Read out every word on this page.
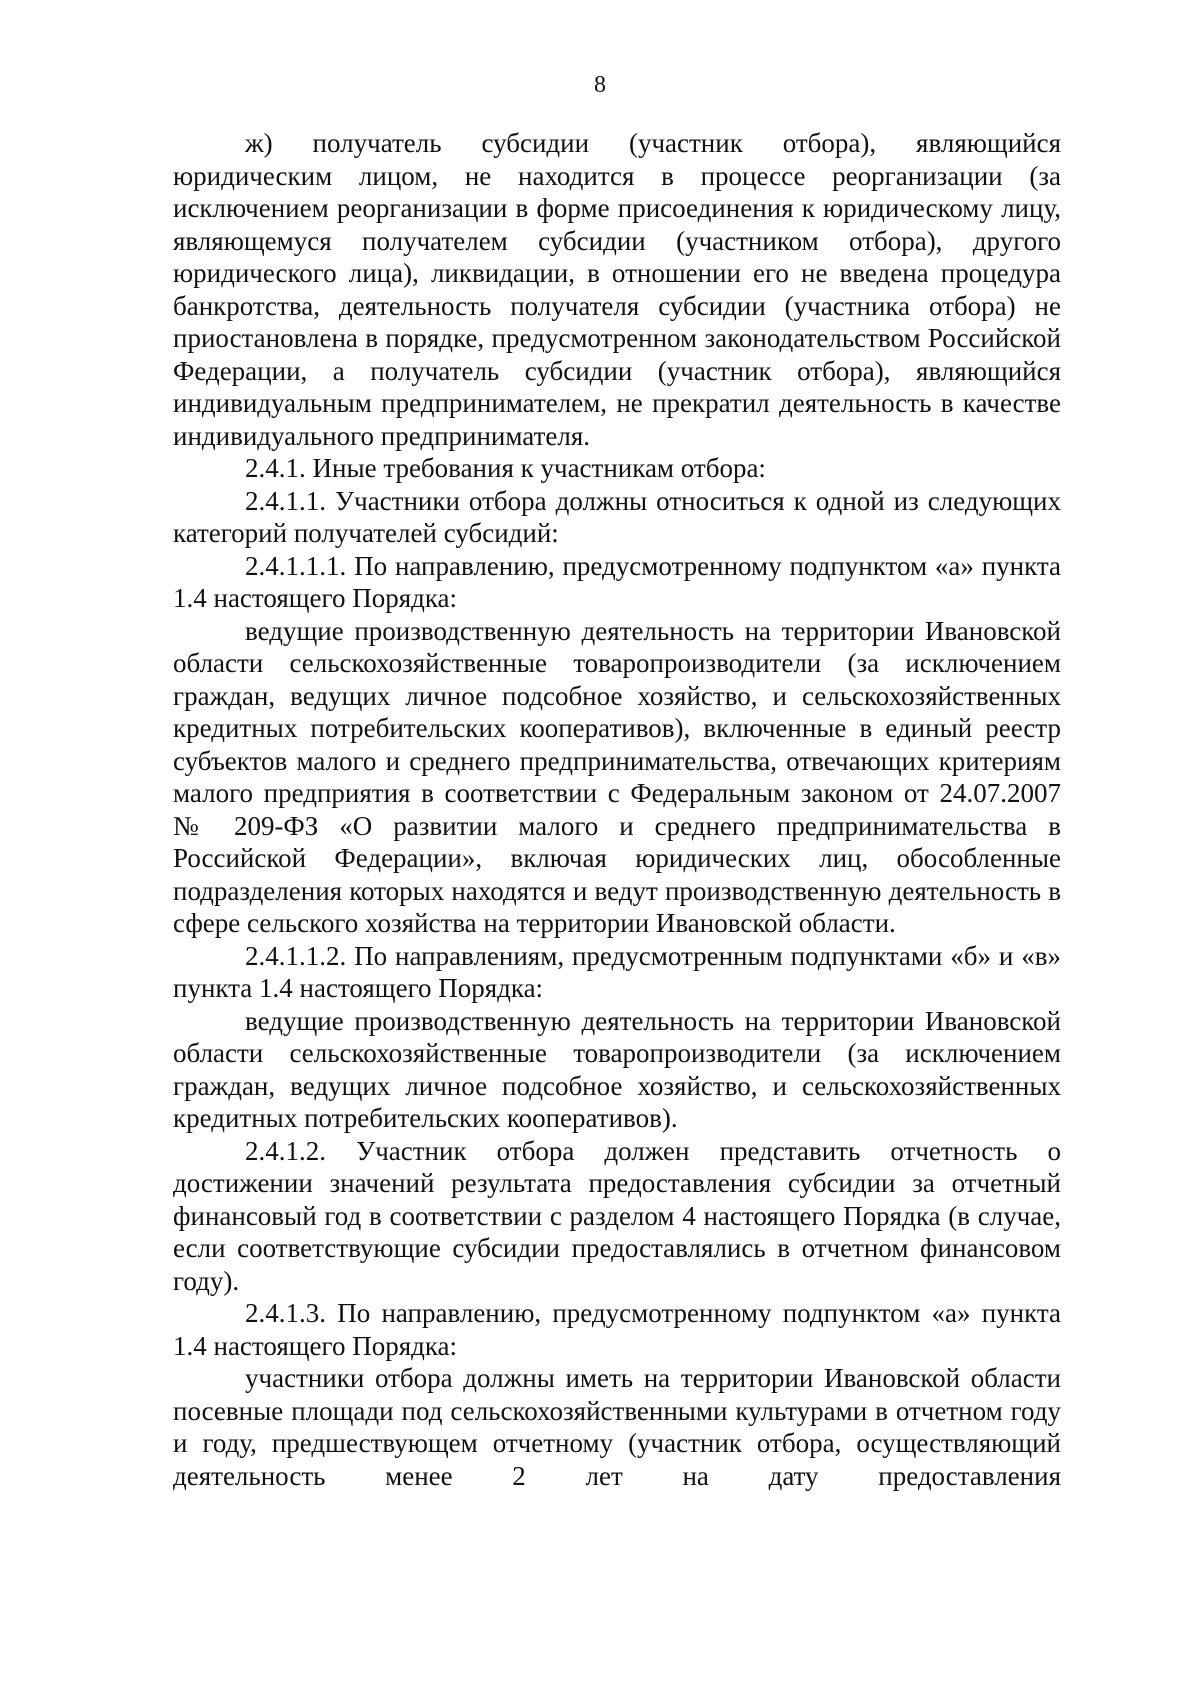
8

ж) получатель субсидии (участник отбора), являющийся юридическим лицом, не находится в процессе реорганизации (за исключением реорганизации в форме присоединения к юридическому лицу, являющемуся получателем субсидии (участником отбора), другого юридического лица), ликвидации, в отношении его не введена процедура банкротства, деятельность получателя субсидии (участника отбора) не приостановлена в порядке, предусмотренном законодательством Российской Федерации, а получатель субсидии (участник отбора), являющийся индивидуальным предпринимателем, не прекратил деятельность в качестве индивидуального предпринимателя.

2.4.1. Иные требования к участникам отбора:

2.4.1.1. Участники отбора должны относиться к одной из следующих категорий получателей субсидий:

2.4.1.1.1. По направлению, предусмотренному подпунктом «а» пункта 1.4 настоящего Порядка:

ведущие производственную деятельность на территории Ивановской области сельскохозяйственные товаропроизводители (за исключением граждан, ведущих личное подсобное хозяйство, и сельскохозяйственных кредитных потребительских кооперативов), включенные в единый реестр субъектов малого и среднего предпринимательства, отвечающих критериям малого предприятия в соответствии с Федеральным законом от 24.07.2007 № 209-ФЗ «О развитии малого и среднего предпринимательства в Российской Федерации», включая юридических лиц, обособленные подразделения которых находятся и ведут производственную деятельность в сфере сельского хозяйства на территории Ивановской области.

2.4.1.1.2. По направлениям, предусмотренным подпунктами «б» и «в» пункта 1.4 настоящего Порядка:

ведущие производственную деятельность на территории Ивановской области сельскохозяйственные товаропроизводители (за исключением граждан, ведущих личное подсобное хозяйство, и сельскохозяйственных кредитных потребительских кооперативов).

2.4.1.2. Участник отбора должен представить отчетность о достижении значений результата предоставления субсидии за отчетный финансовый год в соответствии с разделом 4 настоящего Порядка (в случае, если соответствующие субсидии предоставлялись в отчетном финансовом году).

2.4.1.3. По направлению, предусмотренному подпунктом «а» пункта 1.4 настоящего Порядка:

участники отбора должны иметь на территории Ивановской области посевные площади под сельскохозяйственными культурами в отчетном году и году, предшествующем отчетному (участник отбора, осуществляющий деятельность менее 2 лет на дату предоставления
